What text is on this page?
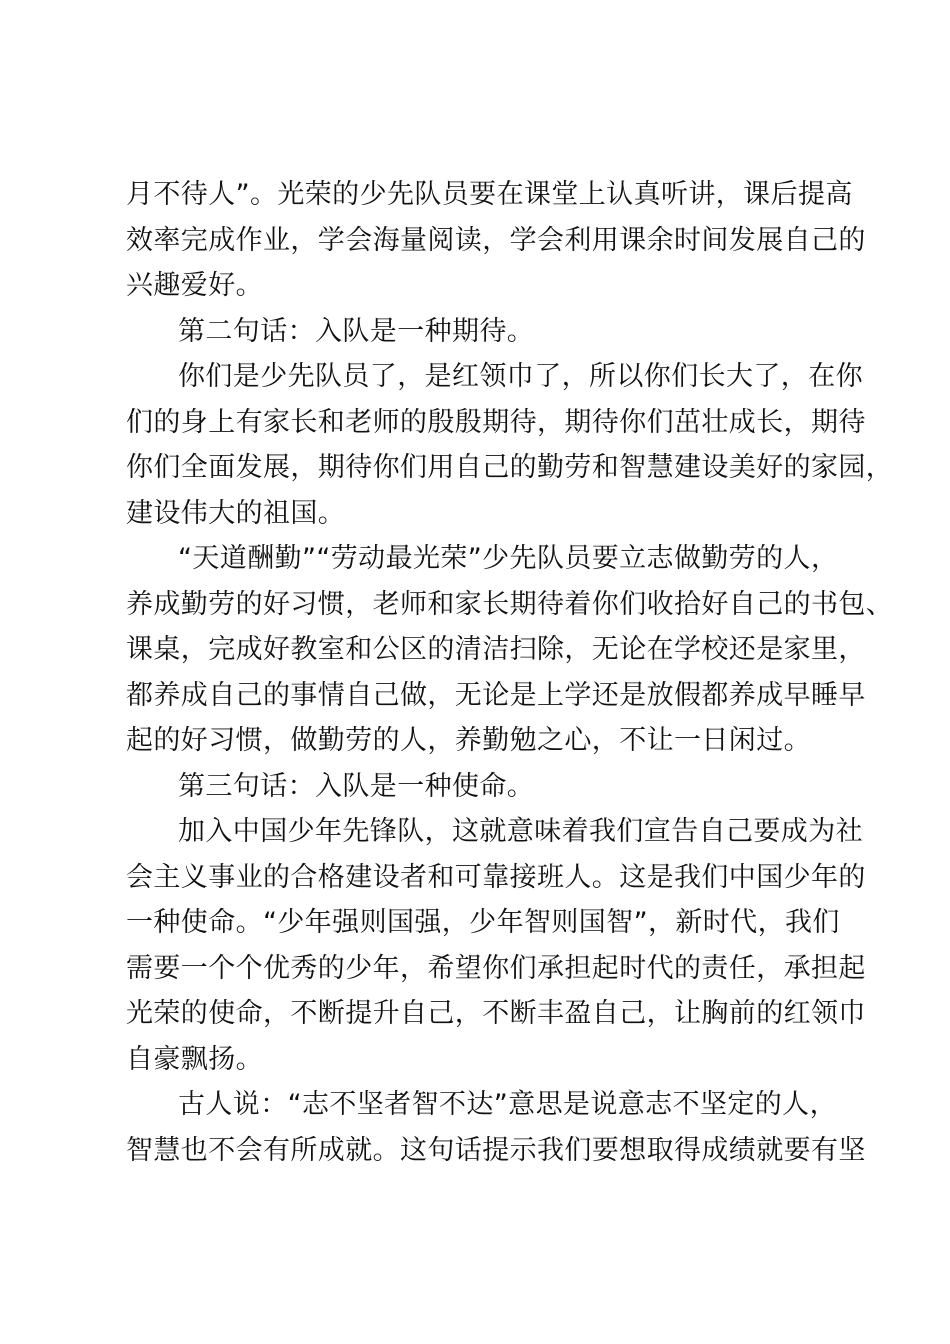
月不待人”。光荣的少先队员要在课堂上认真听讲，课后提高
效率完成作业，学会海量阅读，学会利用课余时间发展自己的
兴趣爱好。
第二句话：入队是一种期待。
你们是少先队员了，是红领巾了，所以你们长大了，在你
们的身上有家长和老师的殷殷期待，期待你们茁壮成长，期待
你们全面发展，期待你们用自己的勤劳和智慧建设美好的家园，
建设伟大的祖国。
“天道酬勤”“劳动最光荣”少先队员要立志做勤劳的人，
养成勤劳的好习惯，老师和家长期待着你们收拾好自己的书包、
课桌，完成好教室和公区的清洁扫除，无论在学校还是家里，
都养成自己的事情自己做，无论是上学还是放假都养成早睡早
起的好习惯，做勤劳的人，养勤勉之心，不让一日闲过。
第三句话：入队是一种使命。
加入中国少年先锋队，这就意味着我们宣告自己要成为社
会主义事业的合格建设者和可靠接班人。这是我们中国少年的
一种使命。“少年强则国强，少年智则国智”，新时代，我们
需要一个个优秀的少年，希望你们承担起时代的责任，承担起
光荣的使命，不断提升自己，不断丰盈自己，让胸前的红领巾
自豪飘扬。
古人说：“志不坚者智不达”意思是说意志不坚定的人，
智慧也不会有所成就。这句话提示我们要想取得成绩就要有坚
